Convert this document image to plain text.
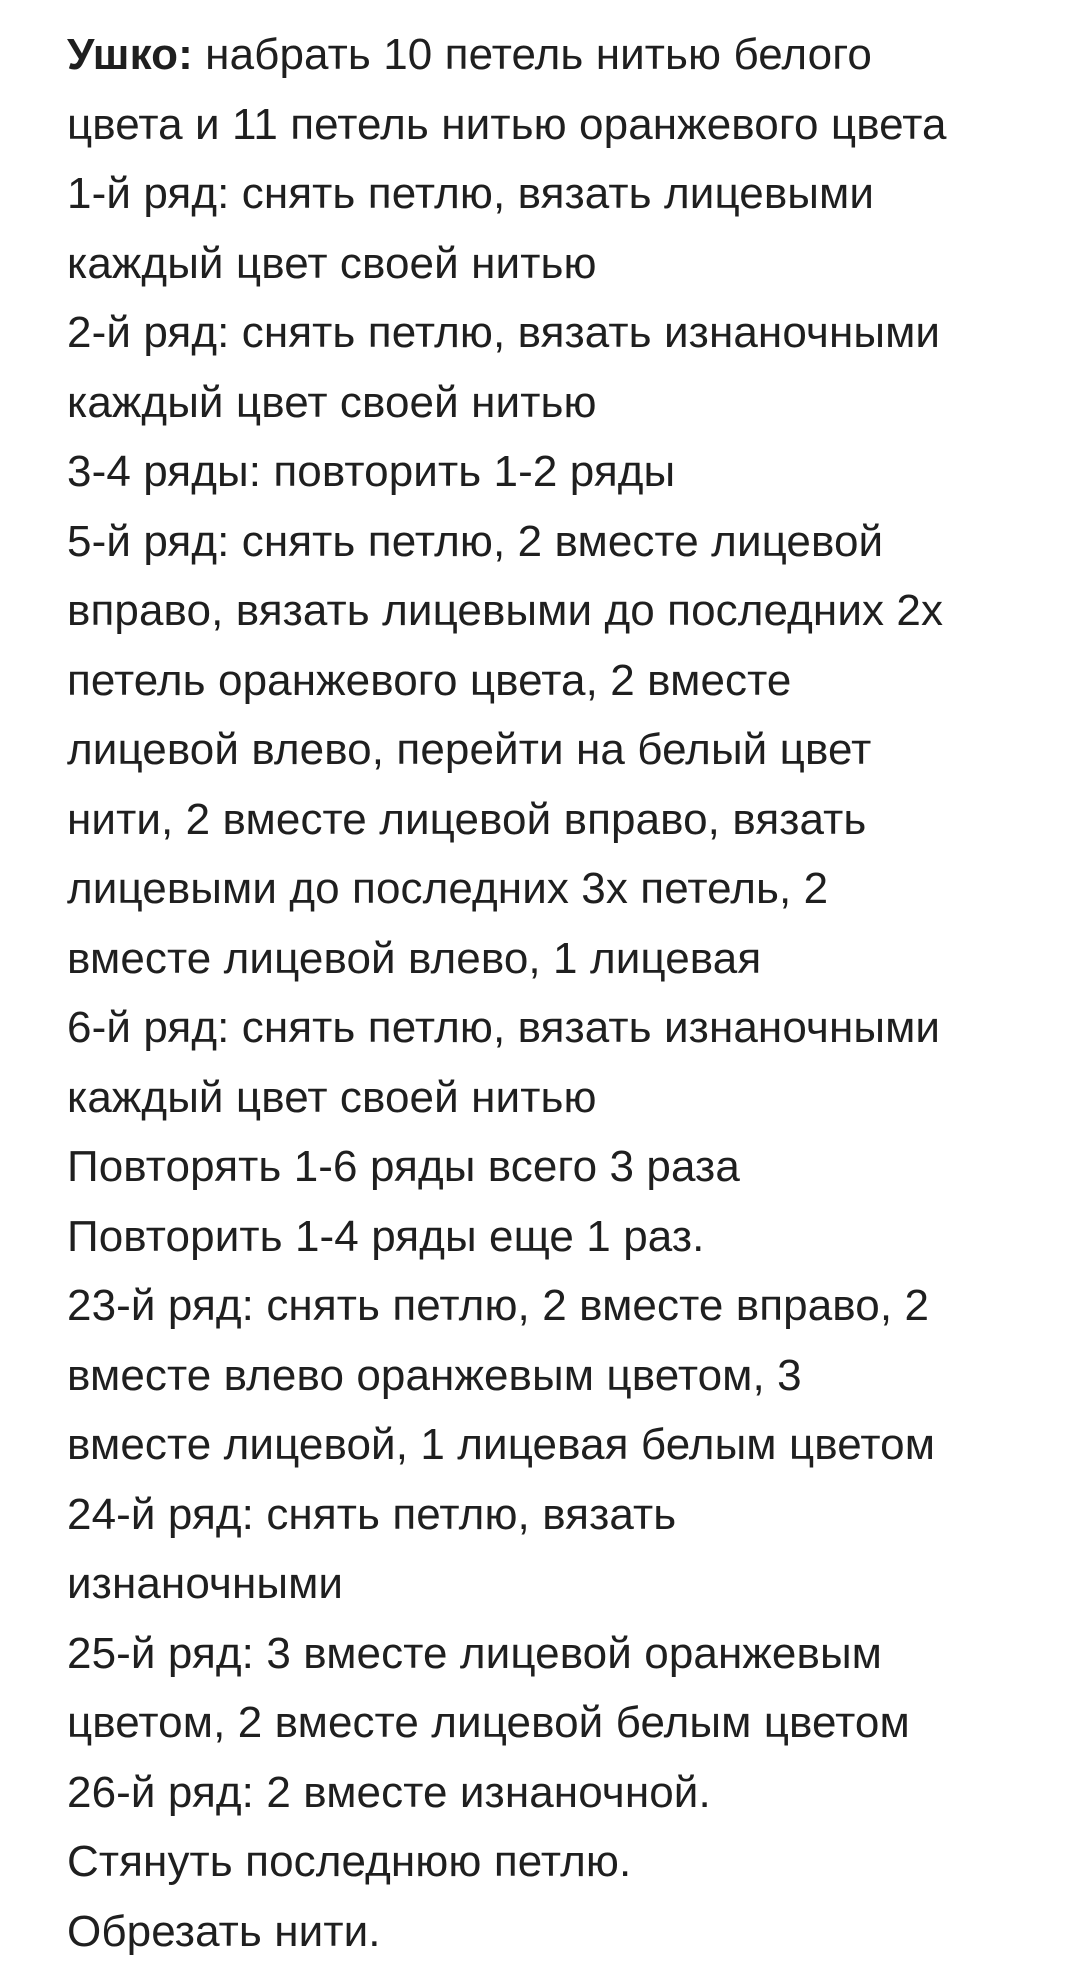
Ушко: набрать 10 петель нитью белого
цвета и 11 петель нитью оранжевого цвета
1-й ряд: снять петлю, вязать лицевыми
каждый цвет своей нитью
2-й ряд: снять петлю, вязать изнаночными
каждый цвет своей нитью
3-4 ряды: повторить 1-2 ряды
5-й ряд: снять петлю, 2 вместе лицевой
вправо, вязать лицевыми до последних 2х
петель оранжевого цвета, 2 вместе
лицевой влево, перейти на белый цвет
нити, 2 вместе лицевой вправо, вязать
лицевыми до последних 3х петель, 2
вместе лицевой влево, 1 лицевая
6-й ряд: снять петлю, вязать изнаночными
каждый цвет своей нитью
Повторять 1-6 ряды всего 3 раза
Повторить 1-4 ряды еще 1 раз.
23-й ряд: снять петлю, 2 вместе вправо, 2
вместе влево оранжевым цветом, 3
вместе лицевой, 1 лицевая белым цветом
24-й ряд: снять петлю, вязать
изнаночными
25-й ряд: 3 вместе лицевой оранжевым
цветом, 2 вместе лицевой белым цветом
26-й ряд: 2 вместе изнаночной.
Стянуть последнюю петлю.
Обрезать нити.
